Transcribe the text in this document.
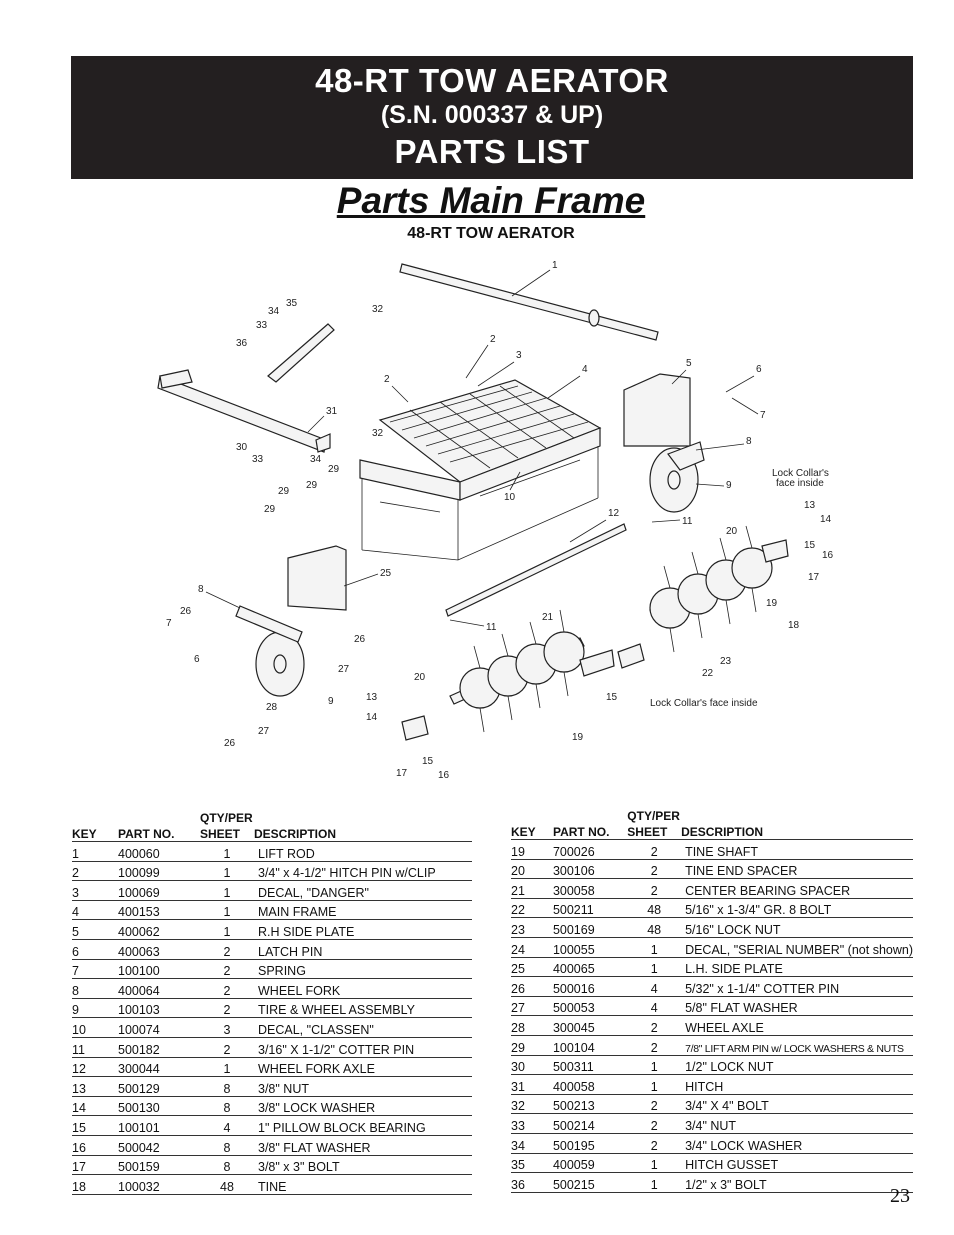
48-RT TOW AERATOR
(S.N. 000337 & UP)
PARTS LIST
Parts Main Frame
48-RT TOW AERATOR
1
2
2
3
4
5
6
7
8
9
10
11
11
12
Lock Collar's
face inside
13
14
15
16
17
19
18
20
23
22
21
15
Lock Collar's face inside
20
19
13
14
15
16
17
25
8
26
7
6
26
27
9
28
27
26
31
32
32
35
34
33
36
30
33	34
29
29
29
29
		QTY/PER	
KEY	PART NO.	SHEET	DESCRIPTION
1	400060	1	LIFT ROD
2	100099	1	3/4" x 4-1/2" HITCH PIN w/CLIP
3	100069	1	DECAL, "DANGER"
4	400153	1	MAIN FRAME
5	400062	1	R.H SIDE PLATE
6	400063	2	LATCH PIN
7	100100	2	SPRING
8	400064	2	WHEEL FORK
9	100103	2	TIRE & WHEEL ASSEMBLY
10	100074	3	DECAL, "CLASSEN"
11	500182	2	3/16" X 1-1/2" COTTER PIN
12	300044	1	WHEEL FORK AXLE
13	500129	8	3/8" NUT
14	500130	8	3/8" LOCK WASHER
15	100101	4	1" PILLOW BLOCK BEARING
16	500042	8	3/8" FLAT WASHER
17	500159	8	3/8" x 3" BOLT
18	100032	48	TINE
		QTY/PER	
KEY	PART NO.	SHEET	DESCRIPTION
19	700026	2	TINE SHAFT
20	300106	2	TINE END SPACER
21	300058	2	CENTER BEARING SPACER
22	500211	48	5/16" x 1-3/4" GR. 8 BOLT
23	500169	48	5/16" LOCK NUT
24	100055	1	DECAL, "SERIAL NUMBER" (not shown)
25	400065	1	L.H. SIDE PLATE
26	500016	4	5/32" x 1-1/4" COTTER PIN
27	500053	4	5/8" FLAT WASHER
28	300045	2	WHEEL AXLE
29	100104	2	7/8" LIFT ARM PIN w/ LOCK WASHERS & NUTS
30	500311	1	1/2" LOCK NUT
31	400058	1	HITCH
32	500213	2	3/4" X 4" BOLT
33	500214	2	3/4" NUT
34	500195	2	3/4" LOCK WASHER
35	400059	1	HITCH GUSSET
36	500215	1	1/2" x 3" BOLT
23
